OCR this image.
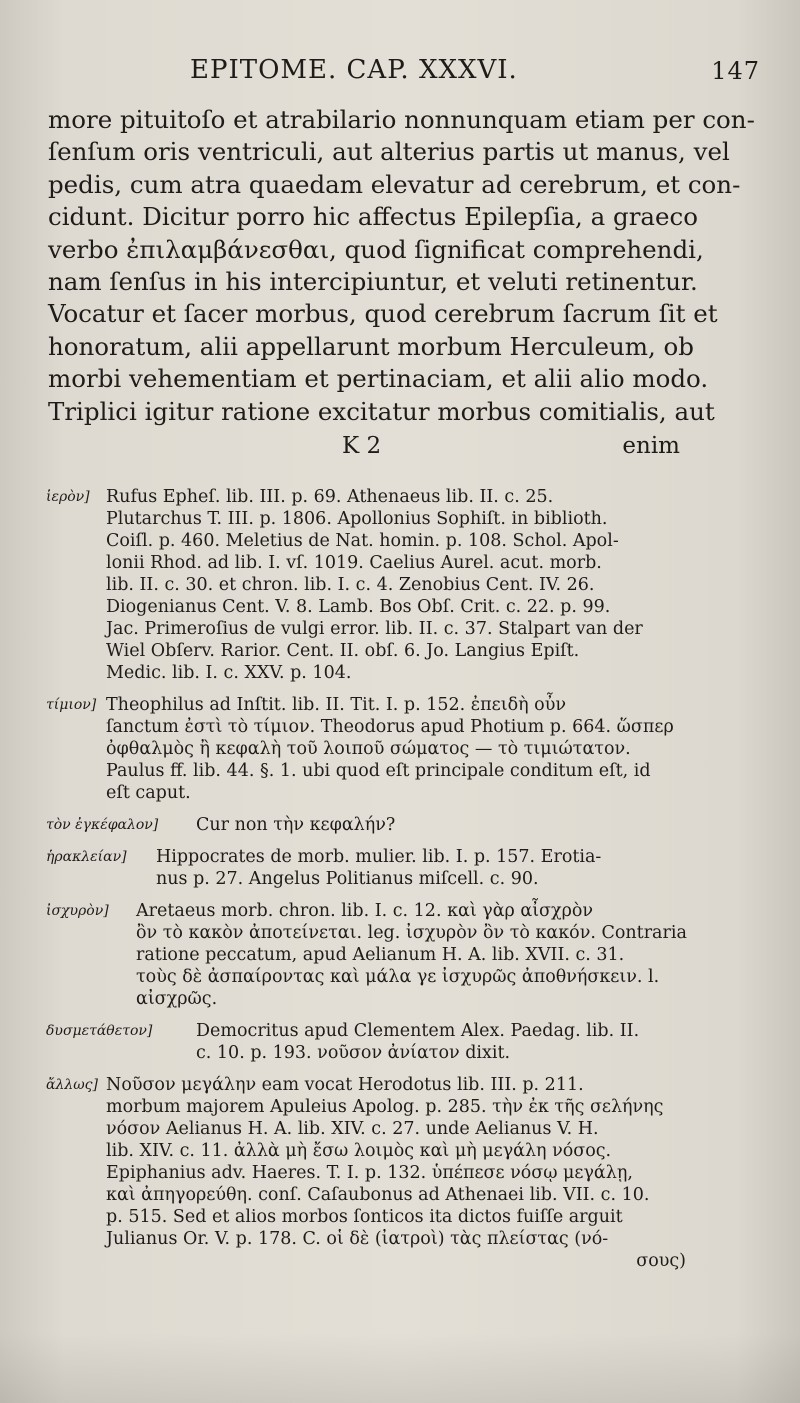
EPITOME. CAP. XXXVI.	147
more pituitoſo et atrabilario nonnunquam etiam per con-
ſenſum oris ventriculi, aut alterius partis ut manus, vel
pedis, cum atra quaedam elevatur ad cerebrum, et con-
cidunt. Dicitur porro hic affectus Epilepſia, a graeco
verbo ἐπιλαμβάνεσθαι, quod ſignificat comprehendi,
nam ſenſus in his intercipiuntur, et veluti retinentur.
Vocatur et ſacer morbus, quod cerebrum ſacrum ſit et
honoratum, alii appellarunt morbum Herculeum, ob
morbi vehementiam et pertinaciam, et alii alio modo.
Triplici igitur ratione excitatur morbus comitialis, aut
K 2	enim
ἱερὸν] Rufus Epheſ. lib. III. p. 69. Athenaeus lib. II. c. 25.
Plutarchus T. III. p. 1806. Apollonius Sophiſt. in biblioth.
Coiſl. p. 460. Meletius de Nat. homin. p. 108. Schol. Apol-
lonii Rhod. ad lib. I. vſ. 1019. Caelius Aurel. acut. morb.
lib. II. c. 30. et chron. lib. I. c. 4. Zenobius Cent. IV. 26.
Diogenianus Cent. V. 8. Lamb. Bos Obſ. Crit. c. 22. p. 99.
Jac. Primeroſius de vulgi error. lib. II. c. 37. Stalpart van der
Wiel Obſerv. Rarior. Cent. II. obſ. 6. Jo. Langius Epiſt.
Medic. lib. I. c. XXV. p. 104.
τίμιον] Theophilus ad Inſtit. lib. II. Tit. I. p. 152. ἐπειδὴ οὖν
ſanctum ἐστὶ τὸ τίμιον. Theodorus apud Photium p. 664. ὥσπερ
ὀφθαλμὸς ἢ κεφαλὴ τοῦ λοιποῦ σώματος — τὸ τιμιώτατον.
Paulus ff. lib. 44. §. 1. ubi quod eſt principale conditum eſt, id
eſt caput.
τὸν ἐγκέφαλον] Cur non τὴν κεφαλήν?
ἡρακλείαν] Hippocrates de morb. mulier. lib. I. p. 157. Erotia-
nus p. 27. Angelus Politianus miſcell. c. 90.
ἰσχυρὸν] Aretaeus morb. chron. lib. I. c. 12. καὶ γὰρ αἶσχρὸν
ὂν τὸ κακὸν ἀποτείνεται. leg. ἰσχυρὸν ὂν τὸ κακόν. Contraria
ratione peccatum, apud Aelianum H. A. lib. XVII. c. 31.
τοὺς δὲ ἀσπαίροντας καὶ μάλα γε ἰσχυρῶς ἀποθνήσκειν. l.
αἰσχρῶς.
δυσμετάθετον] Democritus apud Clementem Alex. Paedag. lib. II.
c. 10. p. 193. νοῦσον ἀνίατον dixit.
ἄλλως] Νοῦσον μεγάλην eam vocat Herodotus lib. III. p. 211.
morbum majorem Apuleius Apolog. p. 285. τὴν ἐκ τῆς σελήνης
νόσον Aelianus H. A. lib. XIV. c. 27. unde Aelianus V. H.
lib. XIV. c. 11. ἀλλὰ μὴ ἔσω λοιμὸς καὶ μὴ μεγάλη νόσος.
Epiphanius adv. Haeres. T. I. p. 132. ὑπέπεσε νόσῳ μεγάλῃ,
καὶ ἀπηγορεύθη. conſ. Caſaubonus ad Athenaei lib. VII. c. 10.
p. 515. Sed et alios morbos ſonticos ita dictos fuiſſe arguit
Julianus Or. V. p. 178. C. οἱ δὲ (ἰατροὶ) τὰς πλείστας (νό-
σους)
